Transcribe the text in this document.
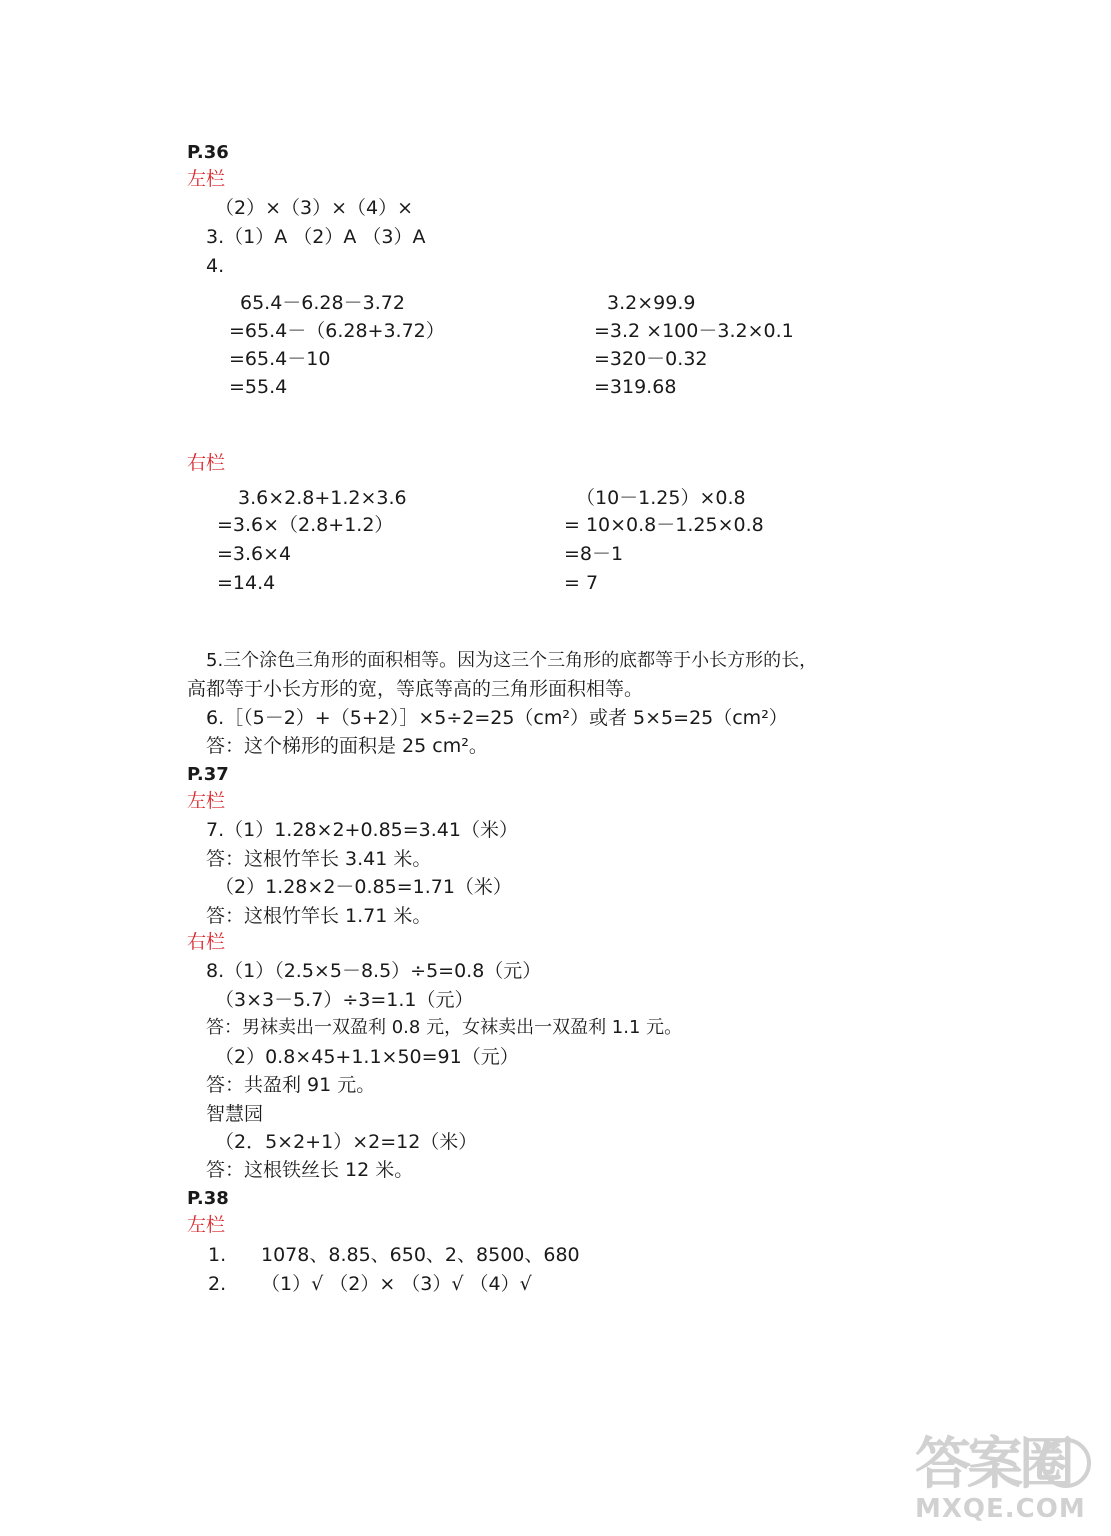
P.36
左栏
（2）×（3）×（4）×
3.（1）A （2）A （3）A
4.
65.4－6.28－3.72
=65.4－（6.28+3.72）
=65.4－10
=55.4
3.2×99.9
=3.2 ×100－3.2×0.1
=320－0.32
=319.68
右栏
3.6×2.8+1.2×3.6
=3.6×（2.8+1.2）
=3.6×4
=14.4
（10－1.25）×0.8
= 10×0.8－1.25×0.8
=8－1
= 7
5.三个涂色三角形的面积相等。因为这三个三角形的底都等于小长方形的长，
高都等于小长方形的宽，等底等高的三角形面积相等。
6.［（5－2）+（5+2）］×5÷2=25（cm²）或者 5×5=25（cm²）
答：这个梯形的面积是 25 cm²。
P.37
左栏
7.（1）1.28×2+0.85=3.41（米）
答：这根竹竿长 3.41 米。
（2）1.28×2－0.85=1.71（米）
答：这根竹竿长 1.71 米。
右栏
8.（1）（2.5×5－8.5）÷5=0.8（元）
（3×3－5.7）÷3=1.1（元）
答：男袜卖出一双盈利 0.8 元，女袜卖出一双盈利 1.1 元。
（2）0.8×45+1.1×50=91（元）
答：共盈利 91 元。
智慧园
（2．5×2+1）×2=12（米）
答：这根铁丝长 12 米。
P.38
左栏
1. 1078、8.85、650、2、8500、680
2. （1）√ （2）× （3）√ （4）√
答案圈
MXQE.COM
